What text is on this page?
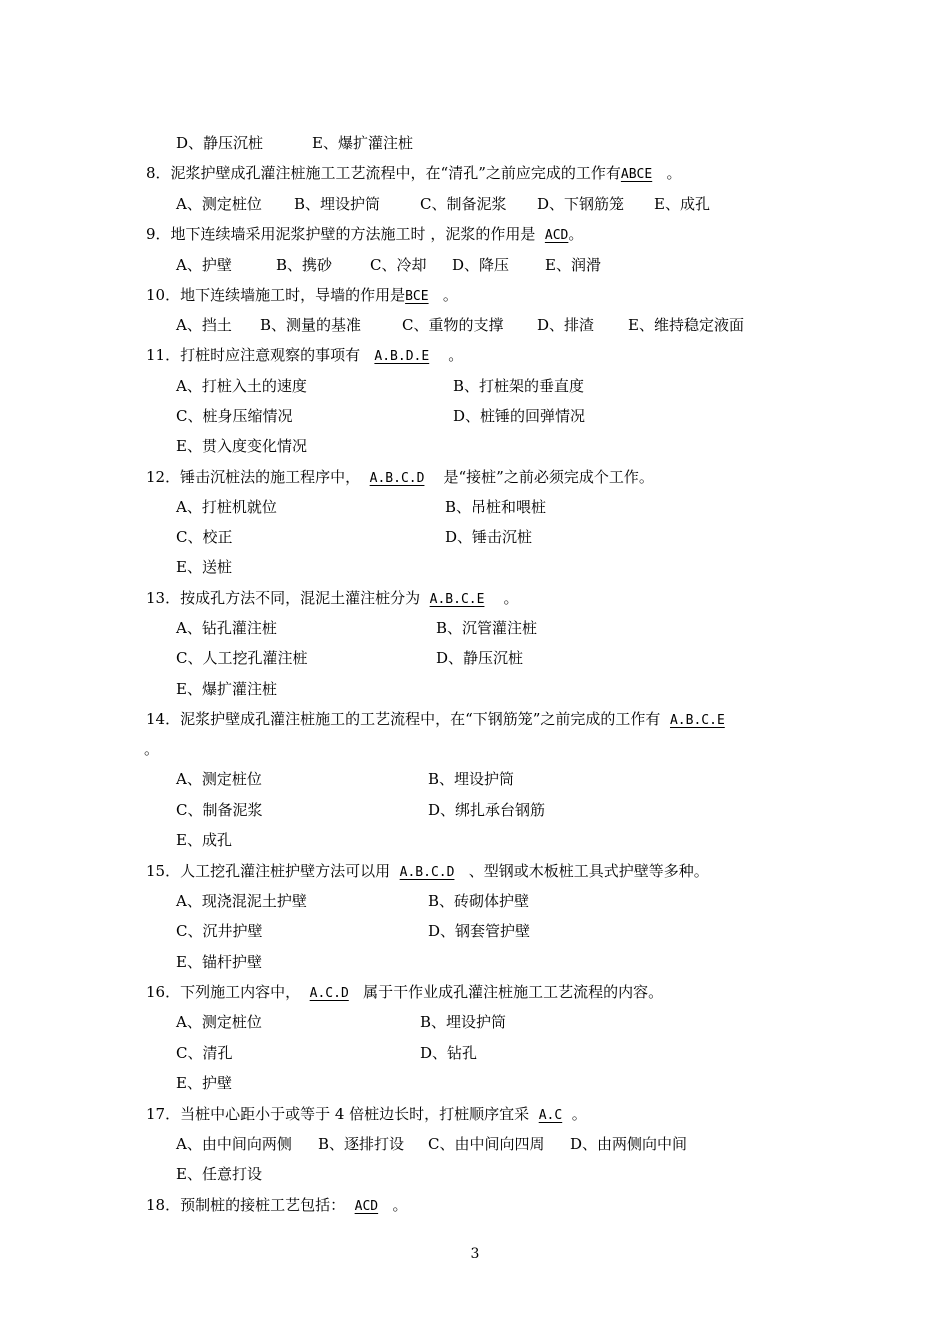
D、静压沉桩	E、爆扩灌注桩
8．泥浆护壁成孔灌注桩施工工艺流程中，在“清孔”之前应完成的工作有ABCE 。
A、测定桩位 B、埋设护筒	C、制备泥浆 D、下钢筋笼 E、成孔
9．地下连续墙采用泥浆护壁的方法施工时 ，泥浆的作用是 ACD。
A、护壁	B、携砂	C、冷却 D、降压 E、润滑
10．地下连续墙施工时，导墙的作用是BCE 。
A、挡土 B、测量的基准	C、重物的支撑 D、排渣 E、维持稳定液面
11．打桩时应注意观察的事项有 A.B.D.E 。
A、打桩入土的速度	B、打桩架的垂直度
C、桩身压缩情况	D、桩锤的回弹情况
E、贯入度变化情况
12．锤击沉桩法的施工程序中， A.B.C.D 是“接桩”之前必须完成个工作。
A、打桩机就位	B、吊桩和喂桩
C、校正	D、锤击沉桩
E、送桩
13．按成孔方法不同，混泥土灌注桩分为 A.B.C.E 。
A、钻孔灌注桩	B、沉管灌注桩
C、人工挖孔灌注桩	D、静压沉桩
E、爆扩灌注桩
14．泥浆护壁成孔灌注桩施工的工艺流程中，在“下钢筋笼”之前完成的工作有 A.B.C.E
。
A、测定桩位	B、埋设护筒
C、制备泥浆	D、绑扎承台钢筋
E、成孔
15．人工挖孔灌注桩护壁方法可以用 A.B.C.D 、型钢或木板桩工具式护壁等多种。
A、现浇混泥土护壁	B、砖砌体护壁
C、沉井护壁	D、钢套管护壁
E、锚杆护壁
16．下列施工内容中， A.C.D 属于干作业成孔灌注桩施工工艺流程的内容。
A、测定桩位	B、埋设护筒
C、清孔	D、钻孔
E、护壁
17．当桩中心距小于或等于 4 倍桩边长时，打桩顺序宜采 A.C 。
A、由中间向两侧 B、逐排打设 C、由中间向四周 D、由两侧向中间
E、任意打设
18．预制桩的接桩工艺包括： ACD 。
3
